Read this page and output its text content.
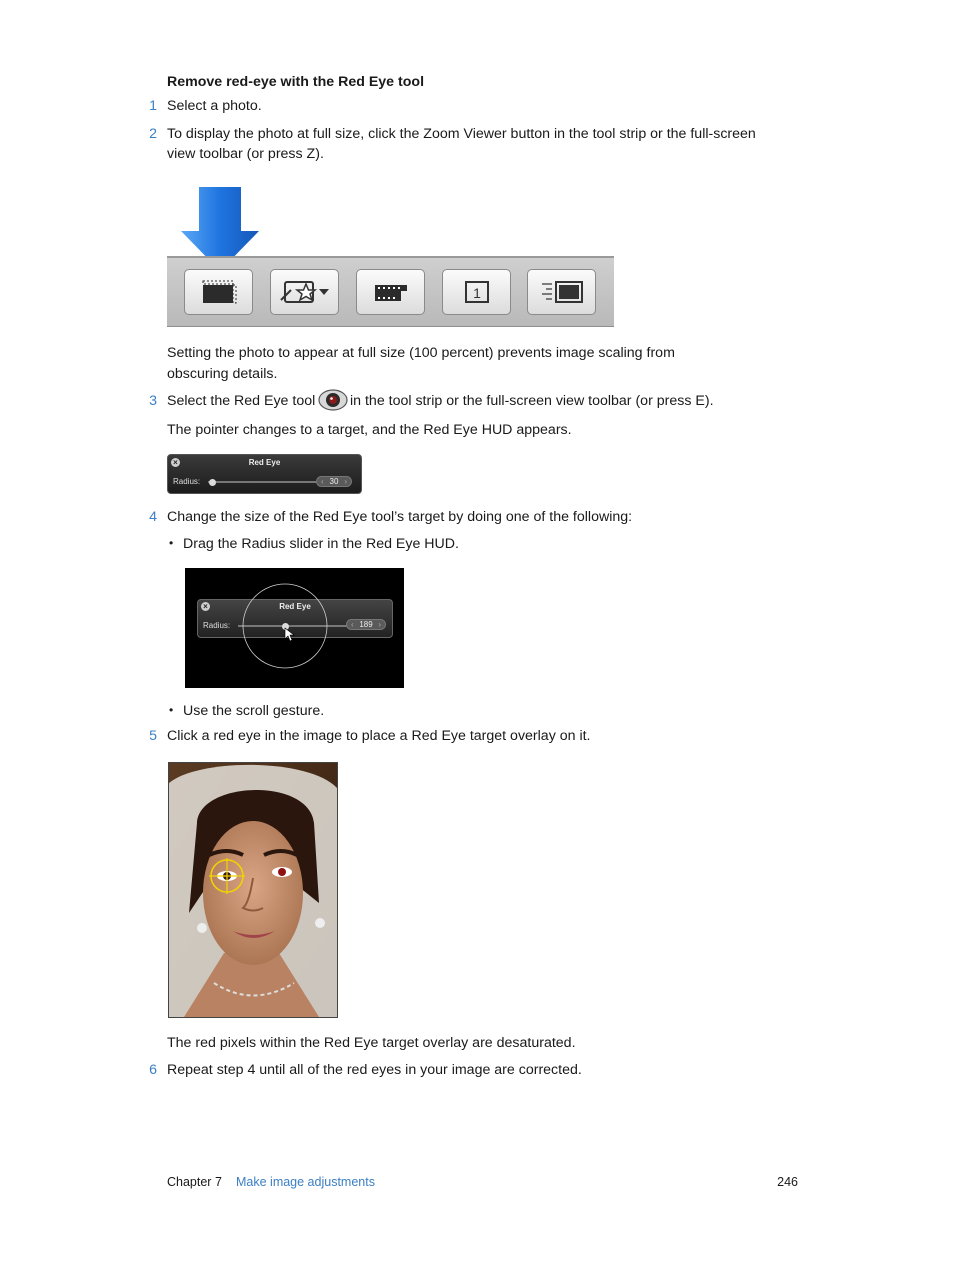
Remove red-eye with the Red Eye tool
1 Select a photo.
2 To display the photo at full size, click the Zoom Viewer button in the tool strip or the full-screen
view toolbar (or press Z).
1
Setting the photo to appear at full size (100 percent) prevents image scaling from
obscuring details.
3 Select the Red Eye tool in the tool strip or the full-screen view toolbar (or press E).
The pointer changes to a target, and the Red Eye HUD appears.
×	Red Eye
Radius:	‹ 30 ›
4 Change the size of the Red Eye tool’s target by doing one of the following:
• Drag the Radius slider in the Red Eye HUD.
×	Red Eye
Radius:	‹ 189 ›
• Use the scroll gesture.
5 Click a red eye in the image to place a Red Eye target overlay on it.
The red pixels within the Red Eye target overlay are desaturated.
6 Repeat step 4 until all of the red eyes in your image are corrected.
Chapter 7 Make image adjustments	246
